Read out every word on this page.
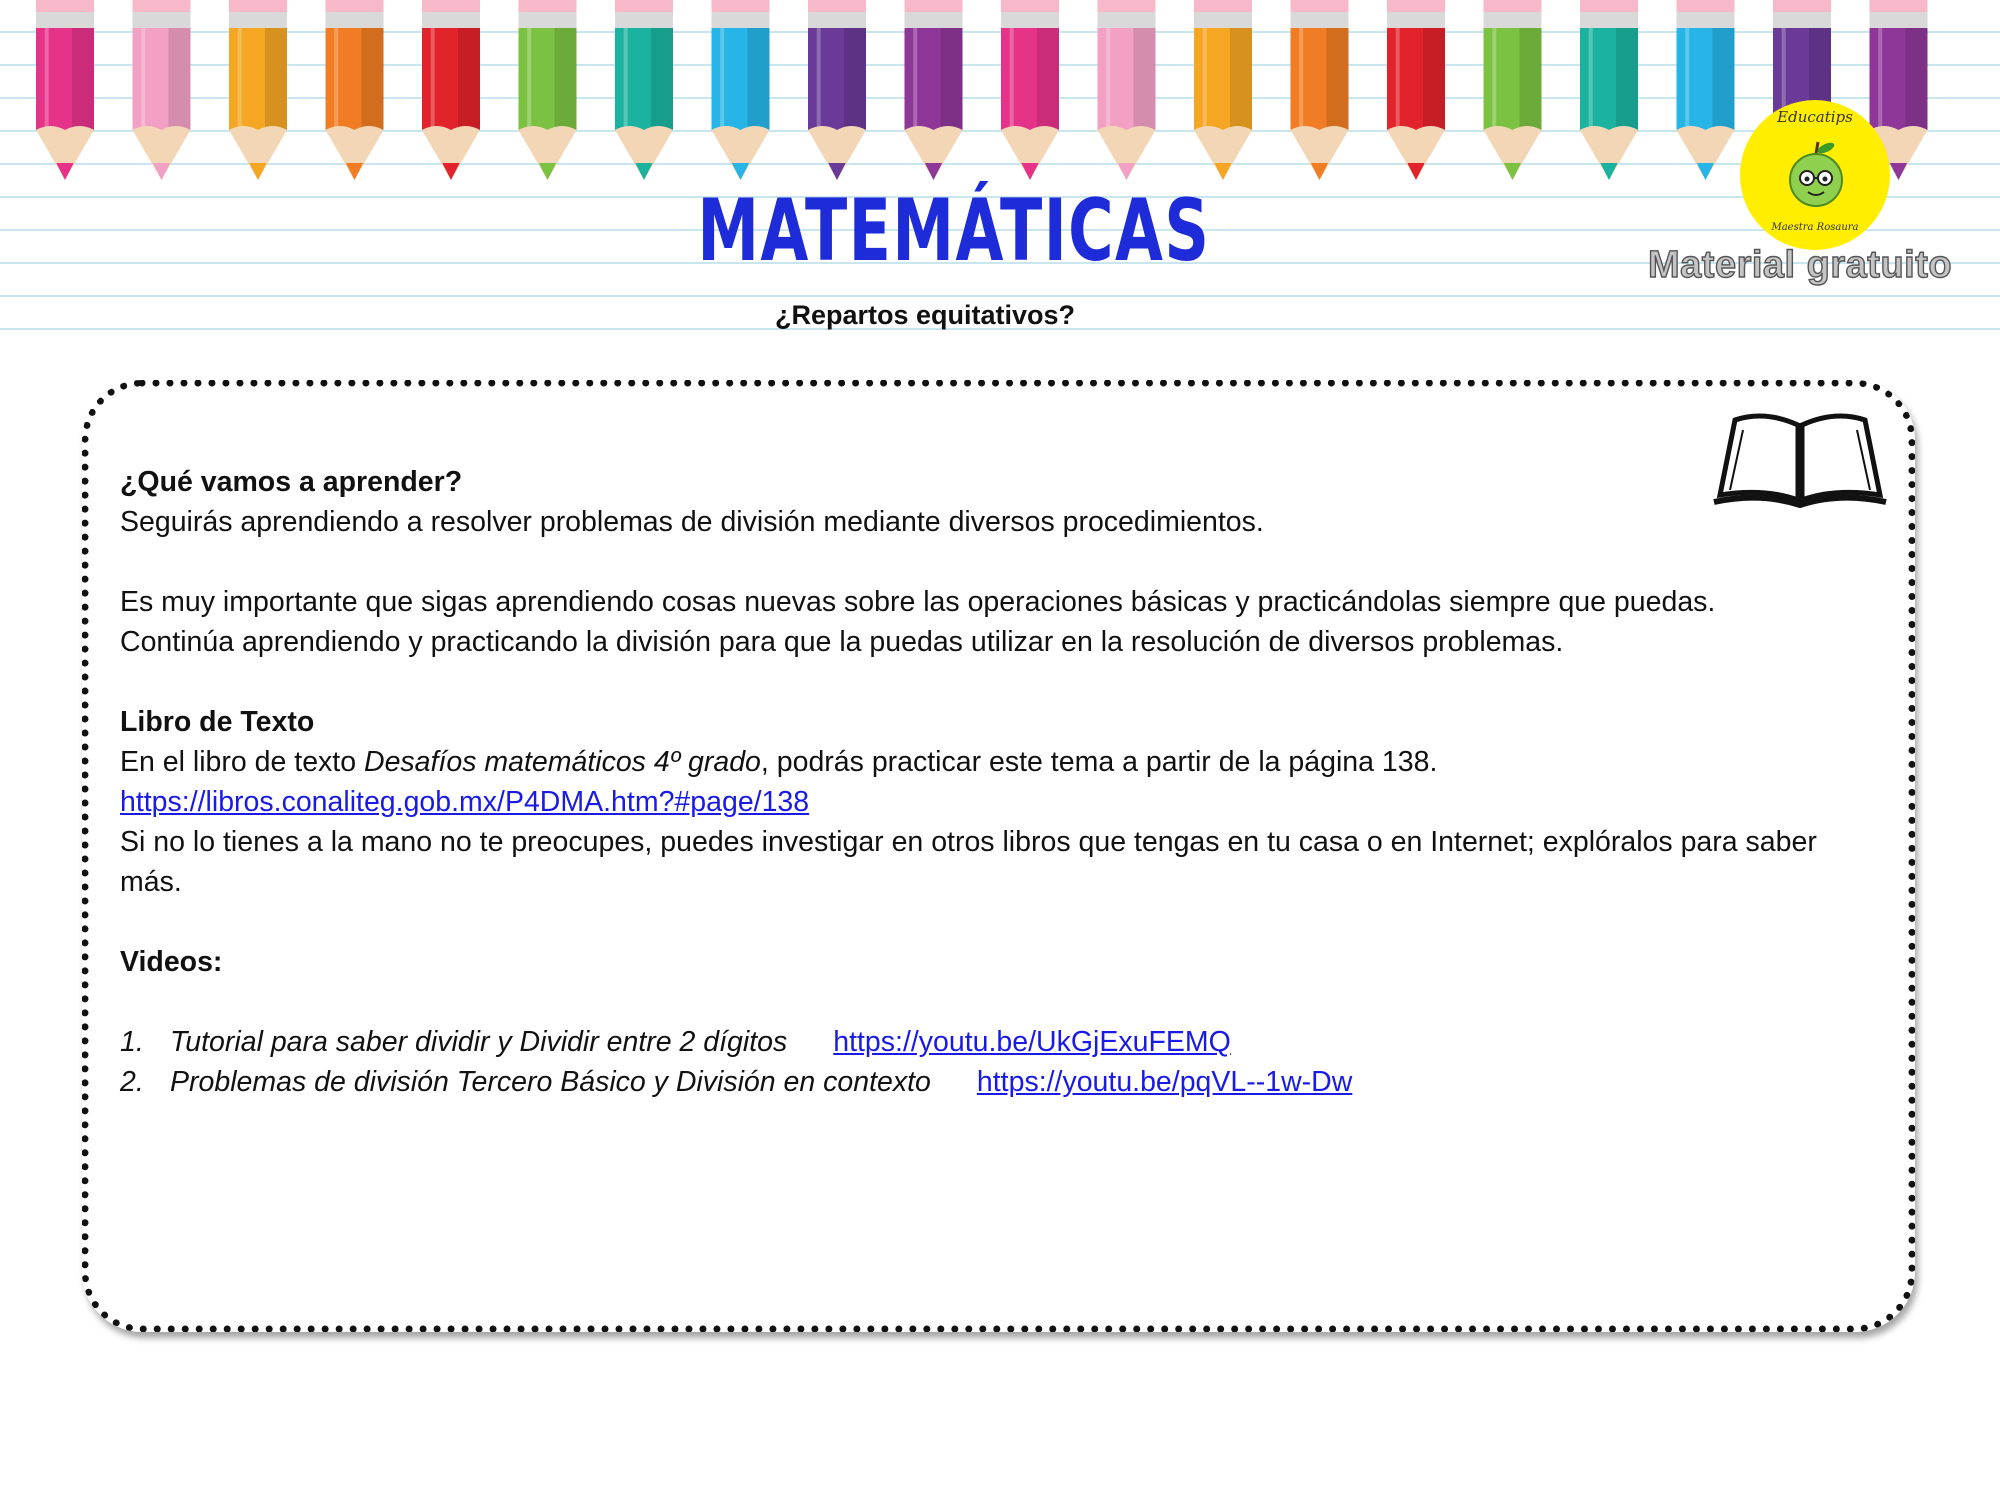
MATEMÁTICAS
¿Repartos equitativos?
Educatips
Maestra Rosaura
Material gratuito

¿Qué vamos a aprender?

Seguirás aprendiendo a resolver problemas de división mediante diversos procedimientos.

Es muy importante que sigas aprendiendo cosas nuevas sobre las operaciones básicas y practicándolas siempre que puedas.

Continúa aprendiendo y practicando la división para que la puedas utilizar en la resolución de diversos problemas.

Libro de Texto

En el libro de texto Desafíos matemáticos 4º grado, podrás practicar este tema a partir de la página 138.

https://libros.conaliteg.gob.mx/P4DMA.htm?#page/138

Si no lo tienes a la mano no te preocupes, puedes investigar en otros libros que tengas en tu casa o en Internet; explóralos para saber más.

Videos:

1. Tutorial para saber dividir y Dividir entre 2 dígitos https://youtu.be/UkGjExuFEMQ
2. Problemas de división Tercero Básico y División en contexto https://youtu.be/pqVL--1w-Dw
